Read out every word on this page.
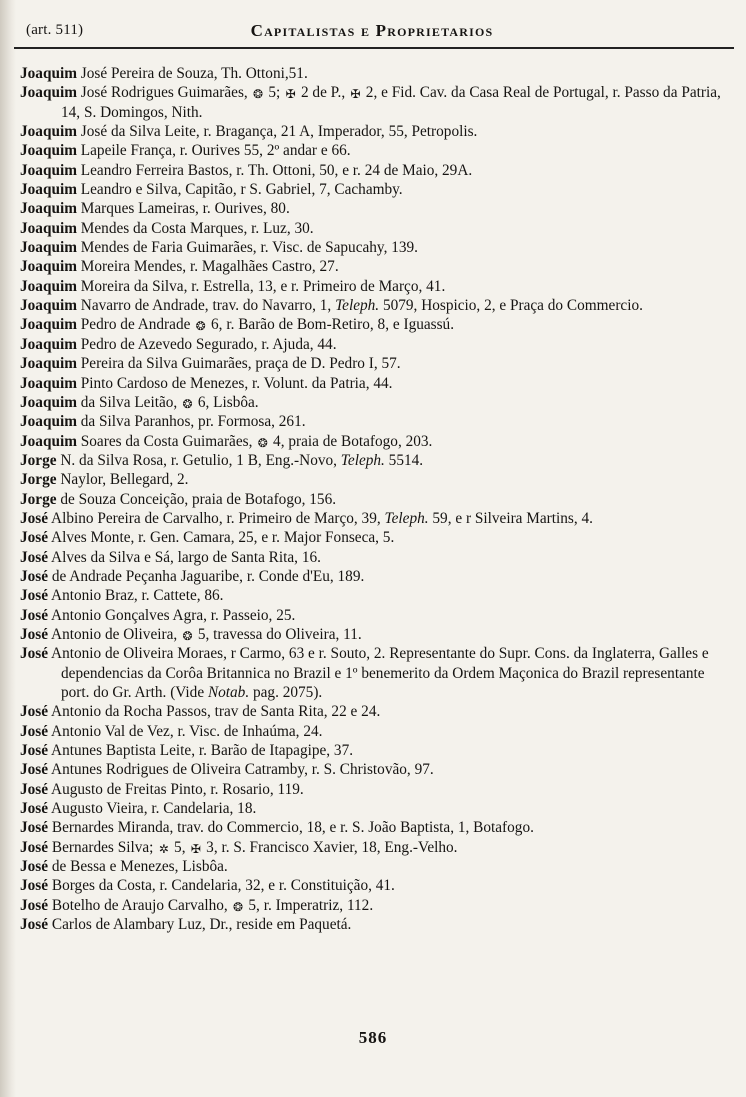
(art. 511)	Capitalistas e Proprietarios
Joaquim José Pereira de Souza, Th. Ottoni,51.
Joaquim José Rodrigues Guimarães, ❂ 5; ✠ 2 de P., ✠ 2, e Fid. Cav. da Casa Real de Portugal, r. Passo da Patria, 14, S. Domingos, Nith.
Joaquim José da Silva Leite, r. Bragança, 21 A, Imperador, 55, Petropolis.
Joaquim Lapeile França, r. Ourives 55, 2º andar e 66.
Joaquim Leandro Ferreira Bastos, r. Th. Ottoni, 50, e r. 24 de Maio, 29A.
Joaquim Leandro e Silva, Capitão, r S. Gabriel, 7, Cachamby.
Joaquim Marques Lameiras, r. Ourives, 80.
Joaquim Mendes da Costa Marques, r. Luz, 30.
Joaquim Mendes de Faria Guimarães, r. Visc. de Sapucahy, 139.
Joaquim Moreira Mendes, r. Magalhães Castro, 27.
Joaquim Moreira da Silva, r. Estrella, 13, e r. Primeiro de Março, 41.
Joaquim Navarro de Andrade, trav. do Navarro, 1, Teleph. 5079, Hospicio, 2, e Praça do Commercio.
Joaquim Pedro de Andrade ❂ 6, r. Barão de Bom-Retiro, 8, e Iguassú.
Joaquim Pedro de Azevedo Segurado, r. Ajuda, 44.
Joaquim Pereira da Silva Guimarães, praça de D. Pedro I, 57.
Joaquim Pinto Cardoso de Menezes, r. Volunt. da Patria, 44.
Joaquim da Silva Leitão, ❂ 6, Lisbôa.
Joaquim da Silva Paranhos, pr. Formosa, 261.
Joaquim Soares da Costa Guimarães, ❂ 4, praia de Botafogo, 203.
Jorge N. da Silva Rosa, r. Getulio, 1 B, Eng.-Novo, Teleph. 5514.
Jorge Naylor, Bellegard, 2.
Jorge de Souza Conceição, praia de Botafogo, 156.
José Albino Pereira de Carvalho, r. Primeiro de Março, 39, Teleph. 59, e r Silveira Martins, 4.
José Alves Monte, r. Gen. Camara, 25, e r. Major Fonseca, 5.
José Alves da Silva e Sá, largo de Santa Rita, 16.
José de Andrade Peçanha Jaguaribe, r. Conde d'Eu, 189.
José Antonio Braz, r. Cattete, 86.
José Antonio Gonçalves Agra, r. Passeio, 25.
José Antonio de Oliveira, ❂ 5, travessa do Oliveira, 11.
José Antonio de Oliveira Moraes, r Carmo, 63 e r. Souto, 2. Representante do Supr. Cons. da Inglaterra, Galles e dependencias da Corôa Britannica no Brazil e 1º benemerito da Ordem Maçonica do Brazil representante port. do Gr. Arth. (Vide Notab. pag. 2075).
José Antonio da Rocha Passos, trav de Santa Rita, 22 e 24.
José Antonio Val de Vez, r. Visc. de Inhaúma, 24.
José Antunes Baptista Leite, r. Barão de Itapagipe, 37.
José Antunes Rodrigues de Oliveira Catramby, r. S. Christovão, 97.
José Augusto de Freitas Pinto, r. Rosario, 119.
José Augusto Vieira, r. Candelaria, 18.
José Bernardes Miranda, trav. do Commercio, 18, e r. S. João Baptista, 1, Botafogo.
José Bernardes Silva; ✲ 5, ✠ 3, r. S. Francisco Xavier, 18, Eng.-Velho.
José de Bessa e Menezes, Lisbôa.
José Borges da Costa, r. Candelaria, 32, e r. Constituição, 41.
José Botelho de Araujo Carvalho, ❂ 5, r. Imperatriz, 112.
José Carlos de Alambary Luz, Dr., reside em Paquetá.
586
